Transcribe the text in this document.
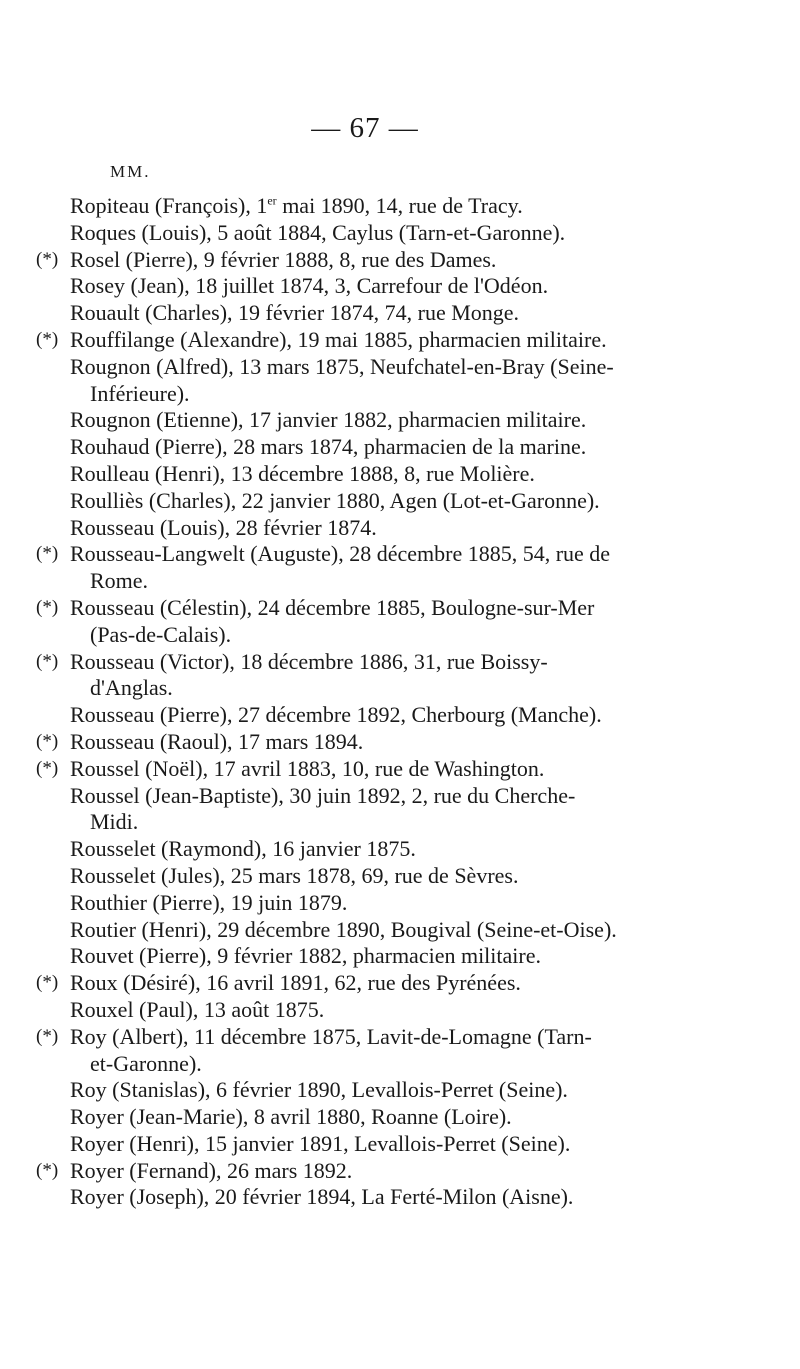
— 67 —
MM.
Ropiteau (François), 1er mai 1890, 14, rue de Tracy.
Roques (Louis), 5 août 1884, Caylus (Tarn-et-Garonne).
(*) Rosel (Pierre), 9 février 1888, 8, rue des Dames.
Rosey (Jean), 18 juillet 1874, 3, Carrefour de l'Odéon.
Rouault (Charles), 19 février 1874, 74, rue Monge.
(*) Rouffilange (Alexandre), 19 mai 1885, pharmacien militaire.
Rougnon (Alfred), 13 mars 1875, Neufchatel-en-Bray (Seine-
Inférieure).
Rougnon (Etienne), 17 janvier 1882, pharmacien militaire.
Rouhaud (Pierre), 28 mars 1874, pharmacien de la marine.
Roulleau (Henri), 13 décembre 1888, 8, rue Molière.
Roulliès (Charles), 22 janvier 1880, Agen (Lot-et-Garonne).
Rousseau (Louis), 28 février 1874.
(*) Rousseau-Langwelt (Auguste), 28 décembre 1885, 54, rue de
Rome.
(*) Rousseau (Célestin), 24 décembre 1885, Boulogne-sur-Mer
(Pas-de-Calais).
(*) Rousseau (Victor), 18 décembre 1886, 31, rue Boissy-
d'Anglas.
Rousseau (Pierre), 27 décembre 1892, Cherbourg (Manche).
(*) Rousseau (Raoul), 17 mars 1894.
(*) Roussel (Noël), 17 avril 1883, 10, rue de Washington.
Roussel (Jean-Baptiste), 30 juin 1892, 2, rue du Cherche-
Midi.
Rousselet (Raymond), 16 janvier 1875.
Rousselet (Jules), 25 mars 1878, 69, rue de Sèvres.
Routhier (Pierre), 19 juin 1879.
Routier (Henri), 29 décembre 1890, Bougival (Seine-et-Oise).
Rouvet (Pierre), 9 février 1882, pharmacien militaire.
(*) Roux (Désiré), 16 avril 1891, 62, rue des Pyrénées.
Rouxel (Paul), 13 août 1875.
(*) Roy (Albert), 11 décembre 1875, Lavit-de-Lomagne (Tarn-
et-Garonne).
Roy (Stanislas), 6 février 1890, Levallois-Perret (Seine).
Royer (Jean-Marie), 8 avril 1880, Roanne (Loire).
Royer (Henri), 15 janvier 1891, Levallois-Perret (Seine).
(*) Royer (Fernand), 26 mars 1892.
Royer (Joseph), 20 février 1894, La Ferté-Milon (Aisne).
